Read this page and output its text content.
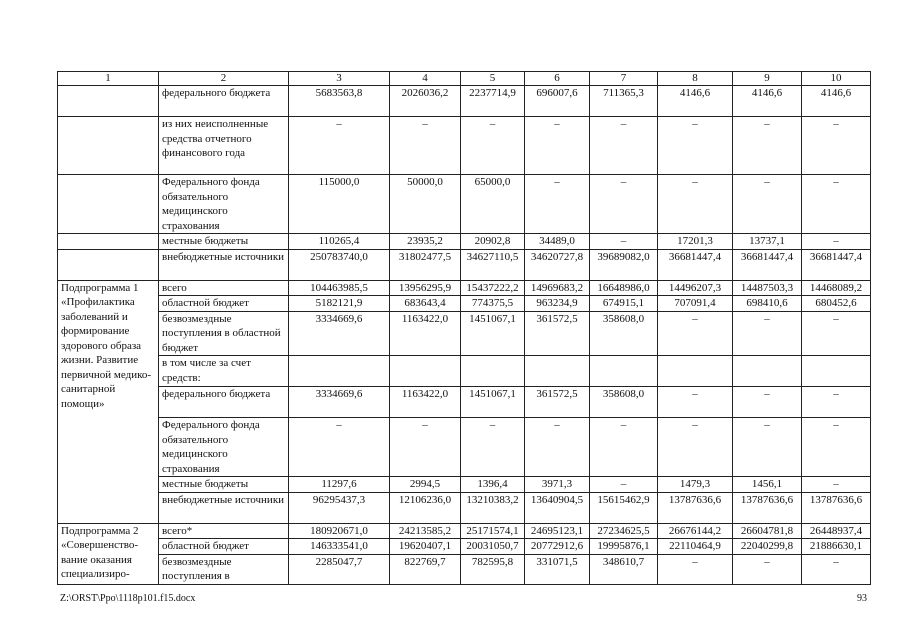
1	2	3	4	5	6	7	8	9	10
	федерального бюджета	5683563,8	2026036,2	2237714,9	696007,6	711365,3	4146,6	4146,6	4146,6
	из них неисполненные средства отчетного финансового года	–	–	–	–	–	–	–	–
	Федерального фонда обязательного медицинского страхования	115000,0	50000,0	65000,0	–	–	–	–	–
	местные бюджеты	110265,4	23935,2	20902,8	34489,0	–	17201,3	13737,1	–
	внебюджетные источники	250783740,0	31802477,5	34627110,5	34620727,8	39689082,0	36681447,4	36681447,4	36681447,4
Подпрограмма 1 «Профилактика заболеваний и формирование здорового образа жизни. Развитие первичной медико-санитарной помощи»	всего	104463985,5	13956295,9	15437222,2	14969683,2	16648986,0	14496207,3	14487503,3	14468089,2
	областной бюджет	5182121,9	683643,4	774375,5	963234,9	674915,1	707091,4	698410,6	680452,6
	безвозмездные поступления в областной бюджет	3334669,6	1163422,0	1451067,1	361572,5	358608,0	–	–	–
	в том числе за счет средств:								
	федерального бюджета	3334669,6	1163422,0	1451067,1	361572,5	358608,0	–	–	–
	Федерального фонда обязательного медицинского страхования	–	–	–	–	–	–	–	–
	местные бюджеты	11297,6	2994,5	1396,4	3971,3	–	1479,3	1456,1	–
	внебюджетные источники	96295437,3	12106236,0	13210383,2	13640904,5	15615462,9	13787636,6	13787636,6	13787636,6
Подпрограмма 2 «Совершенство-вание оказания специализиро-	всего*	180920671,0	24213585,2	25171574,1	24695123,1	27234625,5	26676144,2	26604781,8	26448937,4
	областной бюджет	146333541,0	19620407,1	20031050,7	20772912,6	19995876,1	22110464,9	22040299,8	21886630,1
	безвозмездные поступления в	2285047,7	822769,7	782595,8	331071,5	348610,7	–	–	–
Z:\ORST\Ppo\1118p101.f15.docx	93
